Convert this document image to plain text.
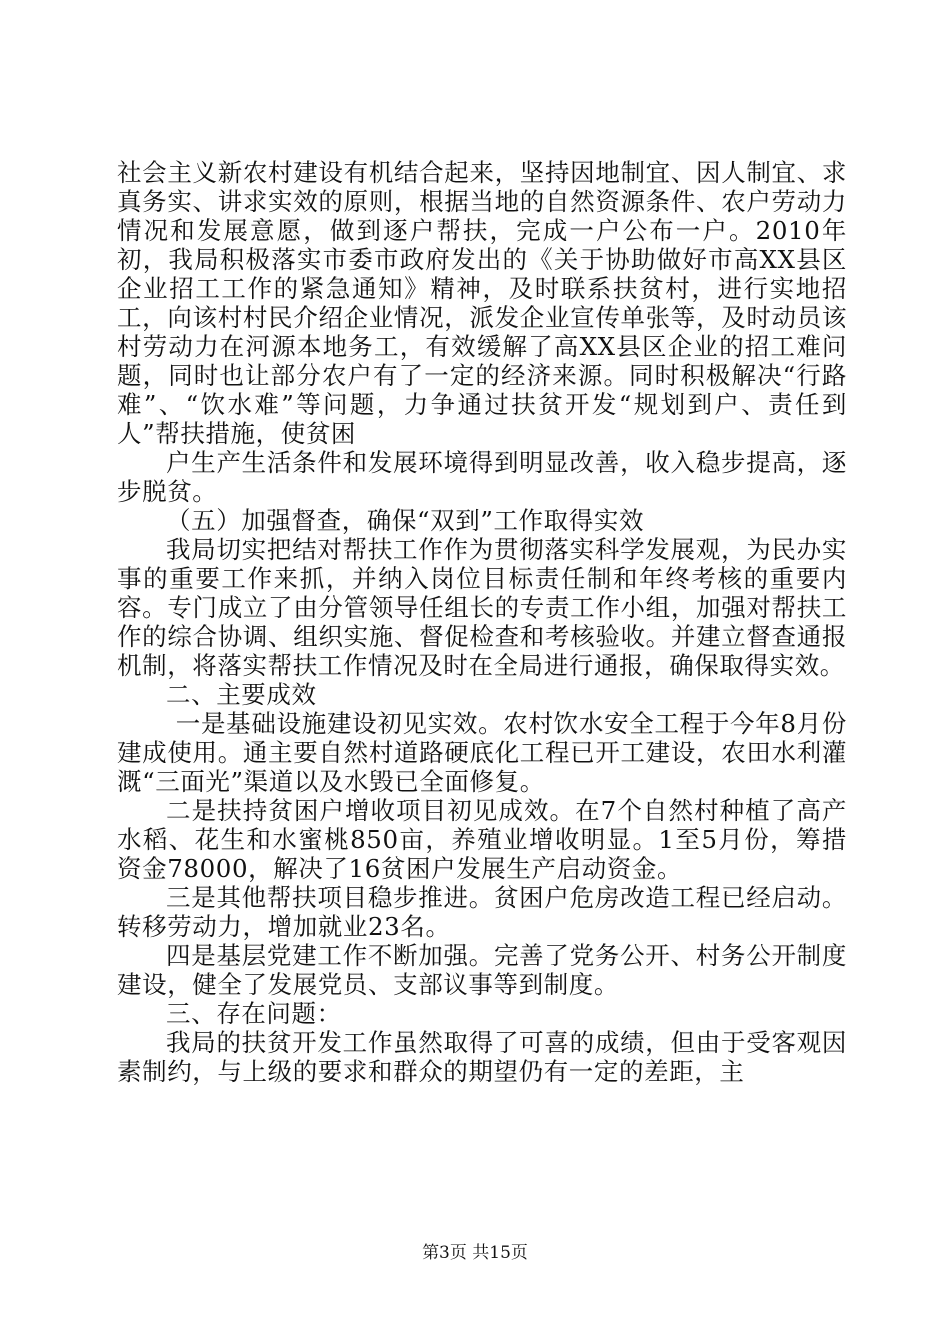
社会主义新农村建设有机结合起来，坚持因地制宜、因人制宜、求真务实、讲求实效的原则，根据当地的自然资源条件、农户劳动力情况和发展意愿，做到逐户帮扶，完成一户公布一户。2010年初，我局积极落实市委市政府发出的《关于协助做好市高XX县区企业招工工作的紧急通知》精神，及时联系扶贫村，进行实地招工，向该村村民介绍企业情况，派发企业宣传单张等，及时动员该村劳动力在河源本地务工，有效缓解了高XX县区企业的招工难问题，同时也让部分农户有了一定的经济来源。同时积极解决“行路难”、“饮水难”等问题，力争通过扶贫开发“规划到户、责任到人”帮扶措施，使贫困

户生产生活条件和发展环境得到明显改善，收入稳步提高，逐步脱贫。

（五）加强督查，确保“双到”工作取得实效

我局切实把结对帮扶工作作为贯彻落实科学发展观，为民办实事的重要工作来抓，并纳入岗位目标责任制和年终考核的重要内容。专门成立了由分管领导任组长的专责工作小组，加强对帮扶工作的综合协调、组织实施、督促检查和考核验收。并建立督查通报机制，将落实帮扶工作情况及时在全局进行通报，确保取得实效。

二、主要成效

一是基础设施建设初见实效。农村饮水安全工程于今年8月份建成使用。通主要自然村道路硬底化工程已开工建设，农田水利灌溉“三面光”渠道以及水毁已全面修复。

二是扶持贫困户增收项目初见成效。在7个自然村种植了高产水稻、花生和水蜜桃850亩，养殖业增收明显。1至5月份，筹措资金78000，解决了16贫困户发展生产启动资金。

三是其他帮扶项目稳步推进。贫困户危房改造工程已经启动。转移劳动力，增加就业23名。

四是基层党建工作不断加强。完善了党务公开、村务公开制度建设，健全了发展党员、支部议事等到制度。

三、存在问题：

我局的扶贫开发工作虽然取得了可喜的成绩，但由于受客观因素制约，与上级的要求和群众的期望仍有一定的差距，主

第3页 共15页
